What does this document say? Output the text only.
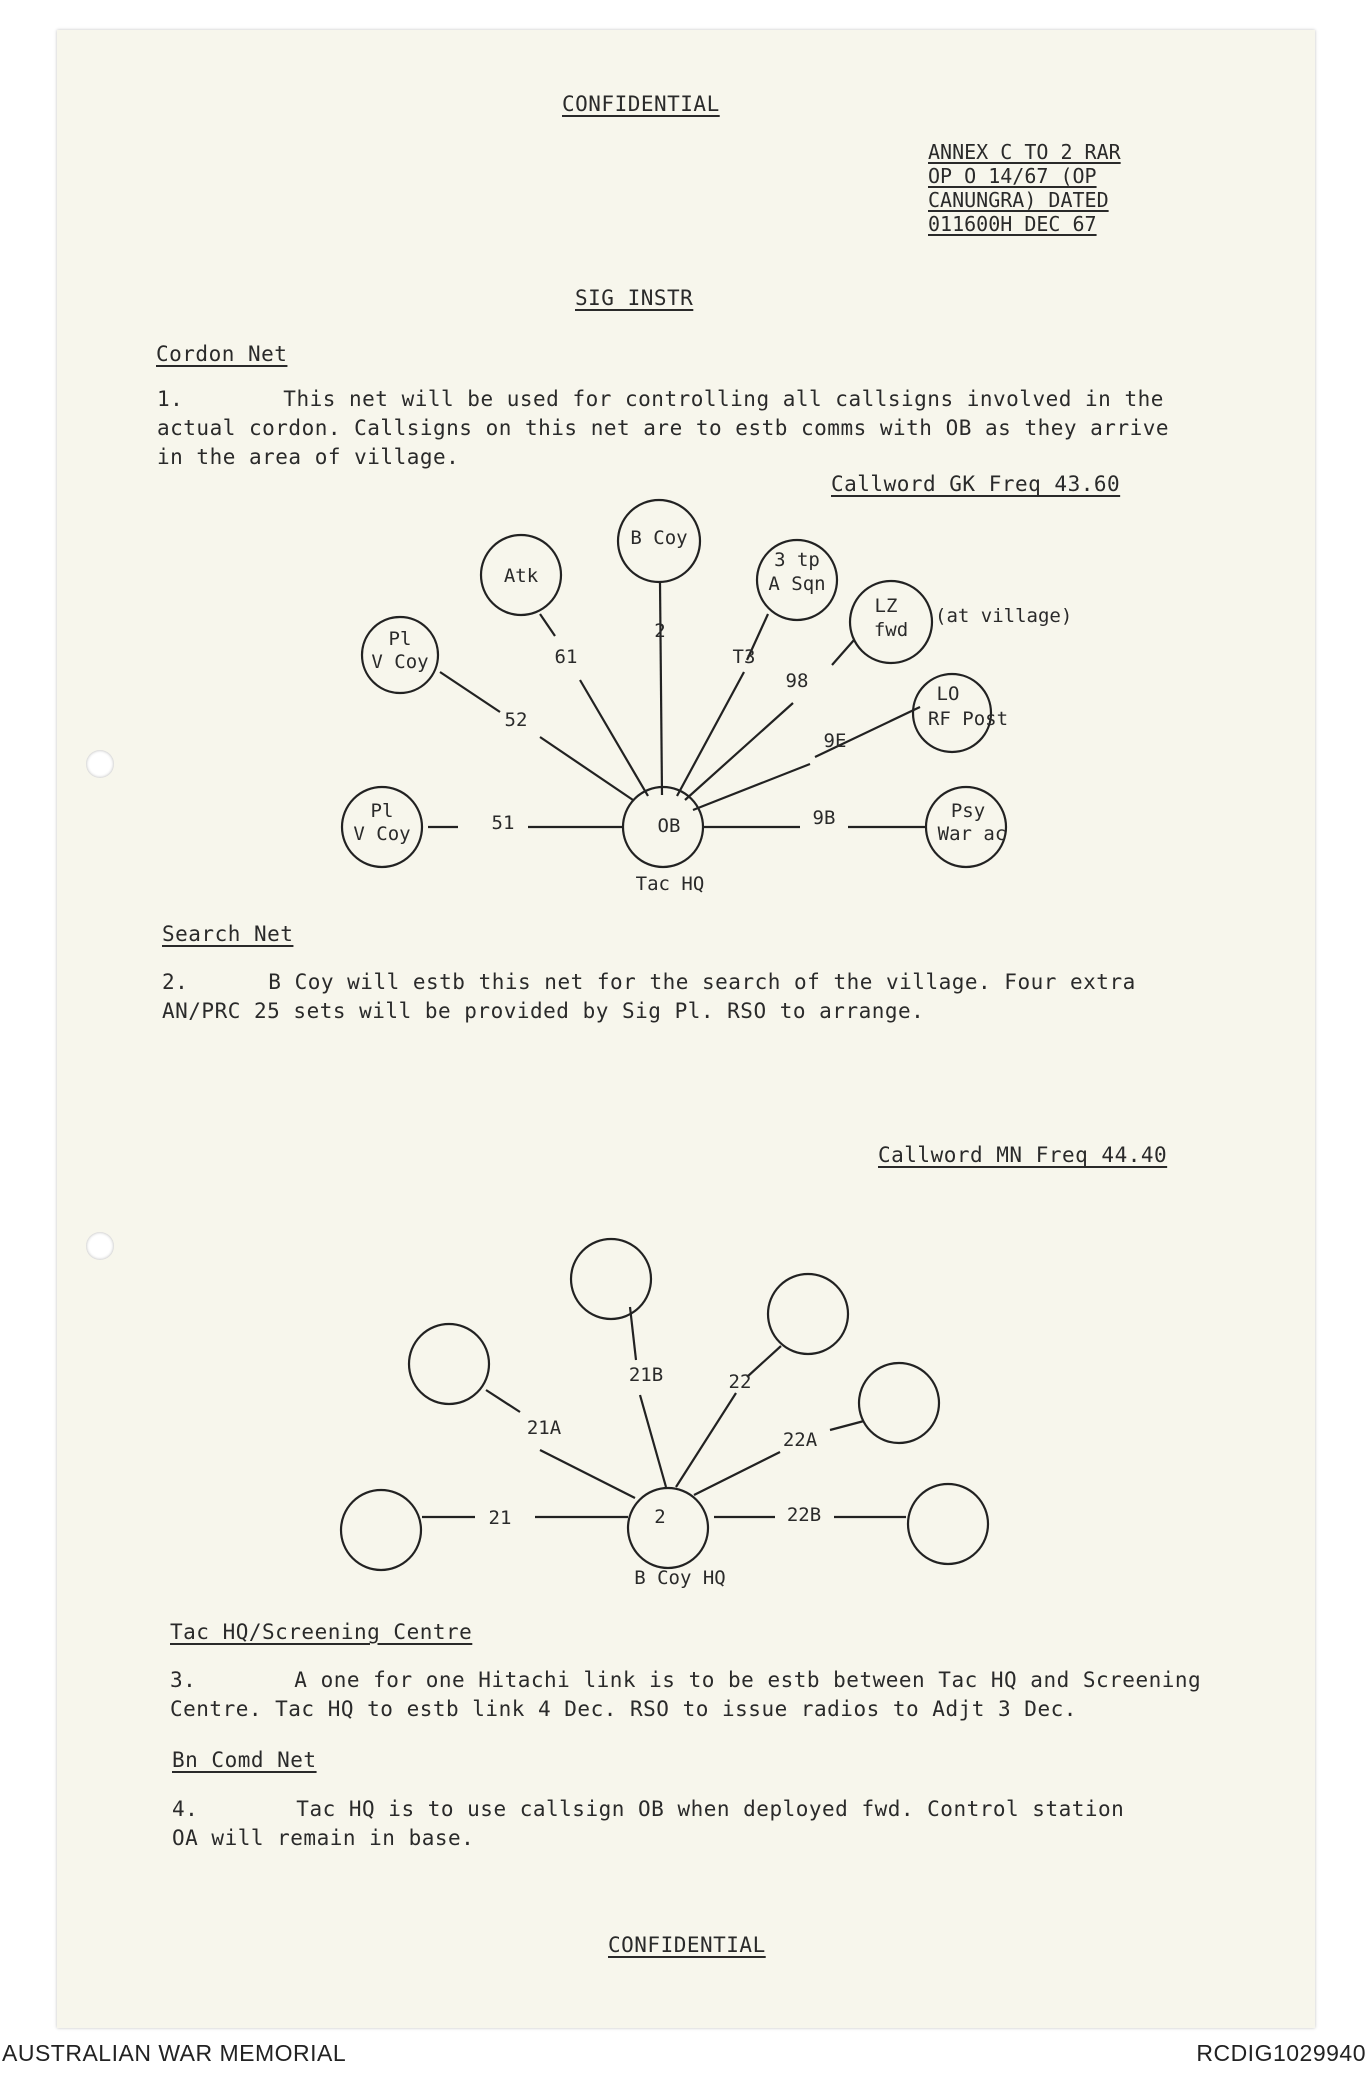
CONFIDENTIAL
ANNEX C TO 2 RAR
OP O 14/67 (OP
CANUNGRA) DATED
011600H DEC 67
SIG INSTR
Cordon Net
1.	This net will be used for controlling all callsigns involved in the
actual cordon. Callsigns on this net are to estb comms with OB as they arrive
in the area of village.
Callword GK Freq 43.60
Pl
V Coy
Pl
V Coy
Atk
B Coy
3 tp
A Sqn
LZ
fwd
(at village)
LO
RF Post
Psy
War ac
OB
Tac HQ
51
52
61
2
T3
98
9E
9B
2
B Coy HQ
21
21A
21B	22
22A
22B
Search Net
2.	B Coy will estb this net for the search of the village. Four extra
AN/PRC 25 sets will be provided by Sig Pl. RSO to arrange.
Callword MN Freq 44.40
Tac HQ/Screening Centre
3.	A one for one Hitachi link is to be estb between Tac HQ and Screening
Centre. Tac HQ to estb link 4 Dec. RSO to issue radios to Adjt 3 Dec.
Bn Comd Net
4.	Tac HQ is to use callsign OB when deployed fwd. Control station
OA will remain in base.
CONFIDENTIAL
AUSTRALIAN WAR MEMORIAL	RCDIG1029940
